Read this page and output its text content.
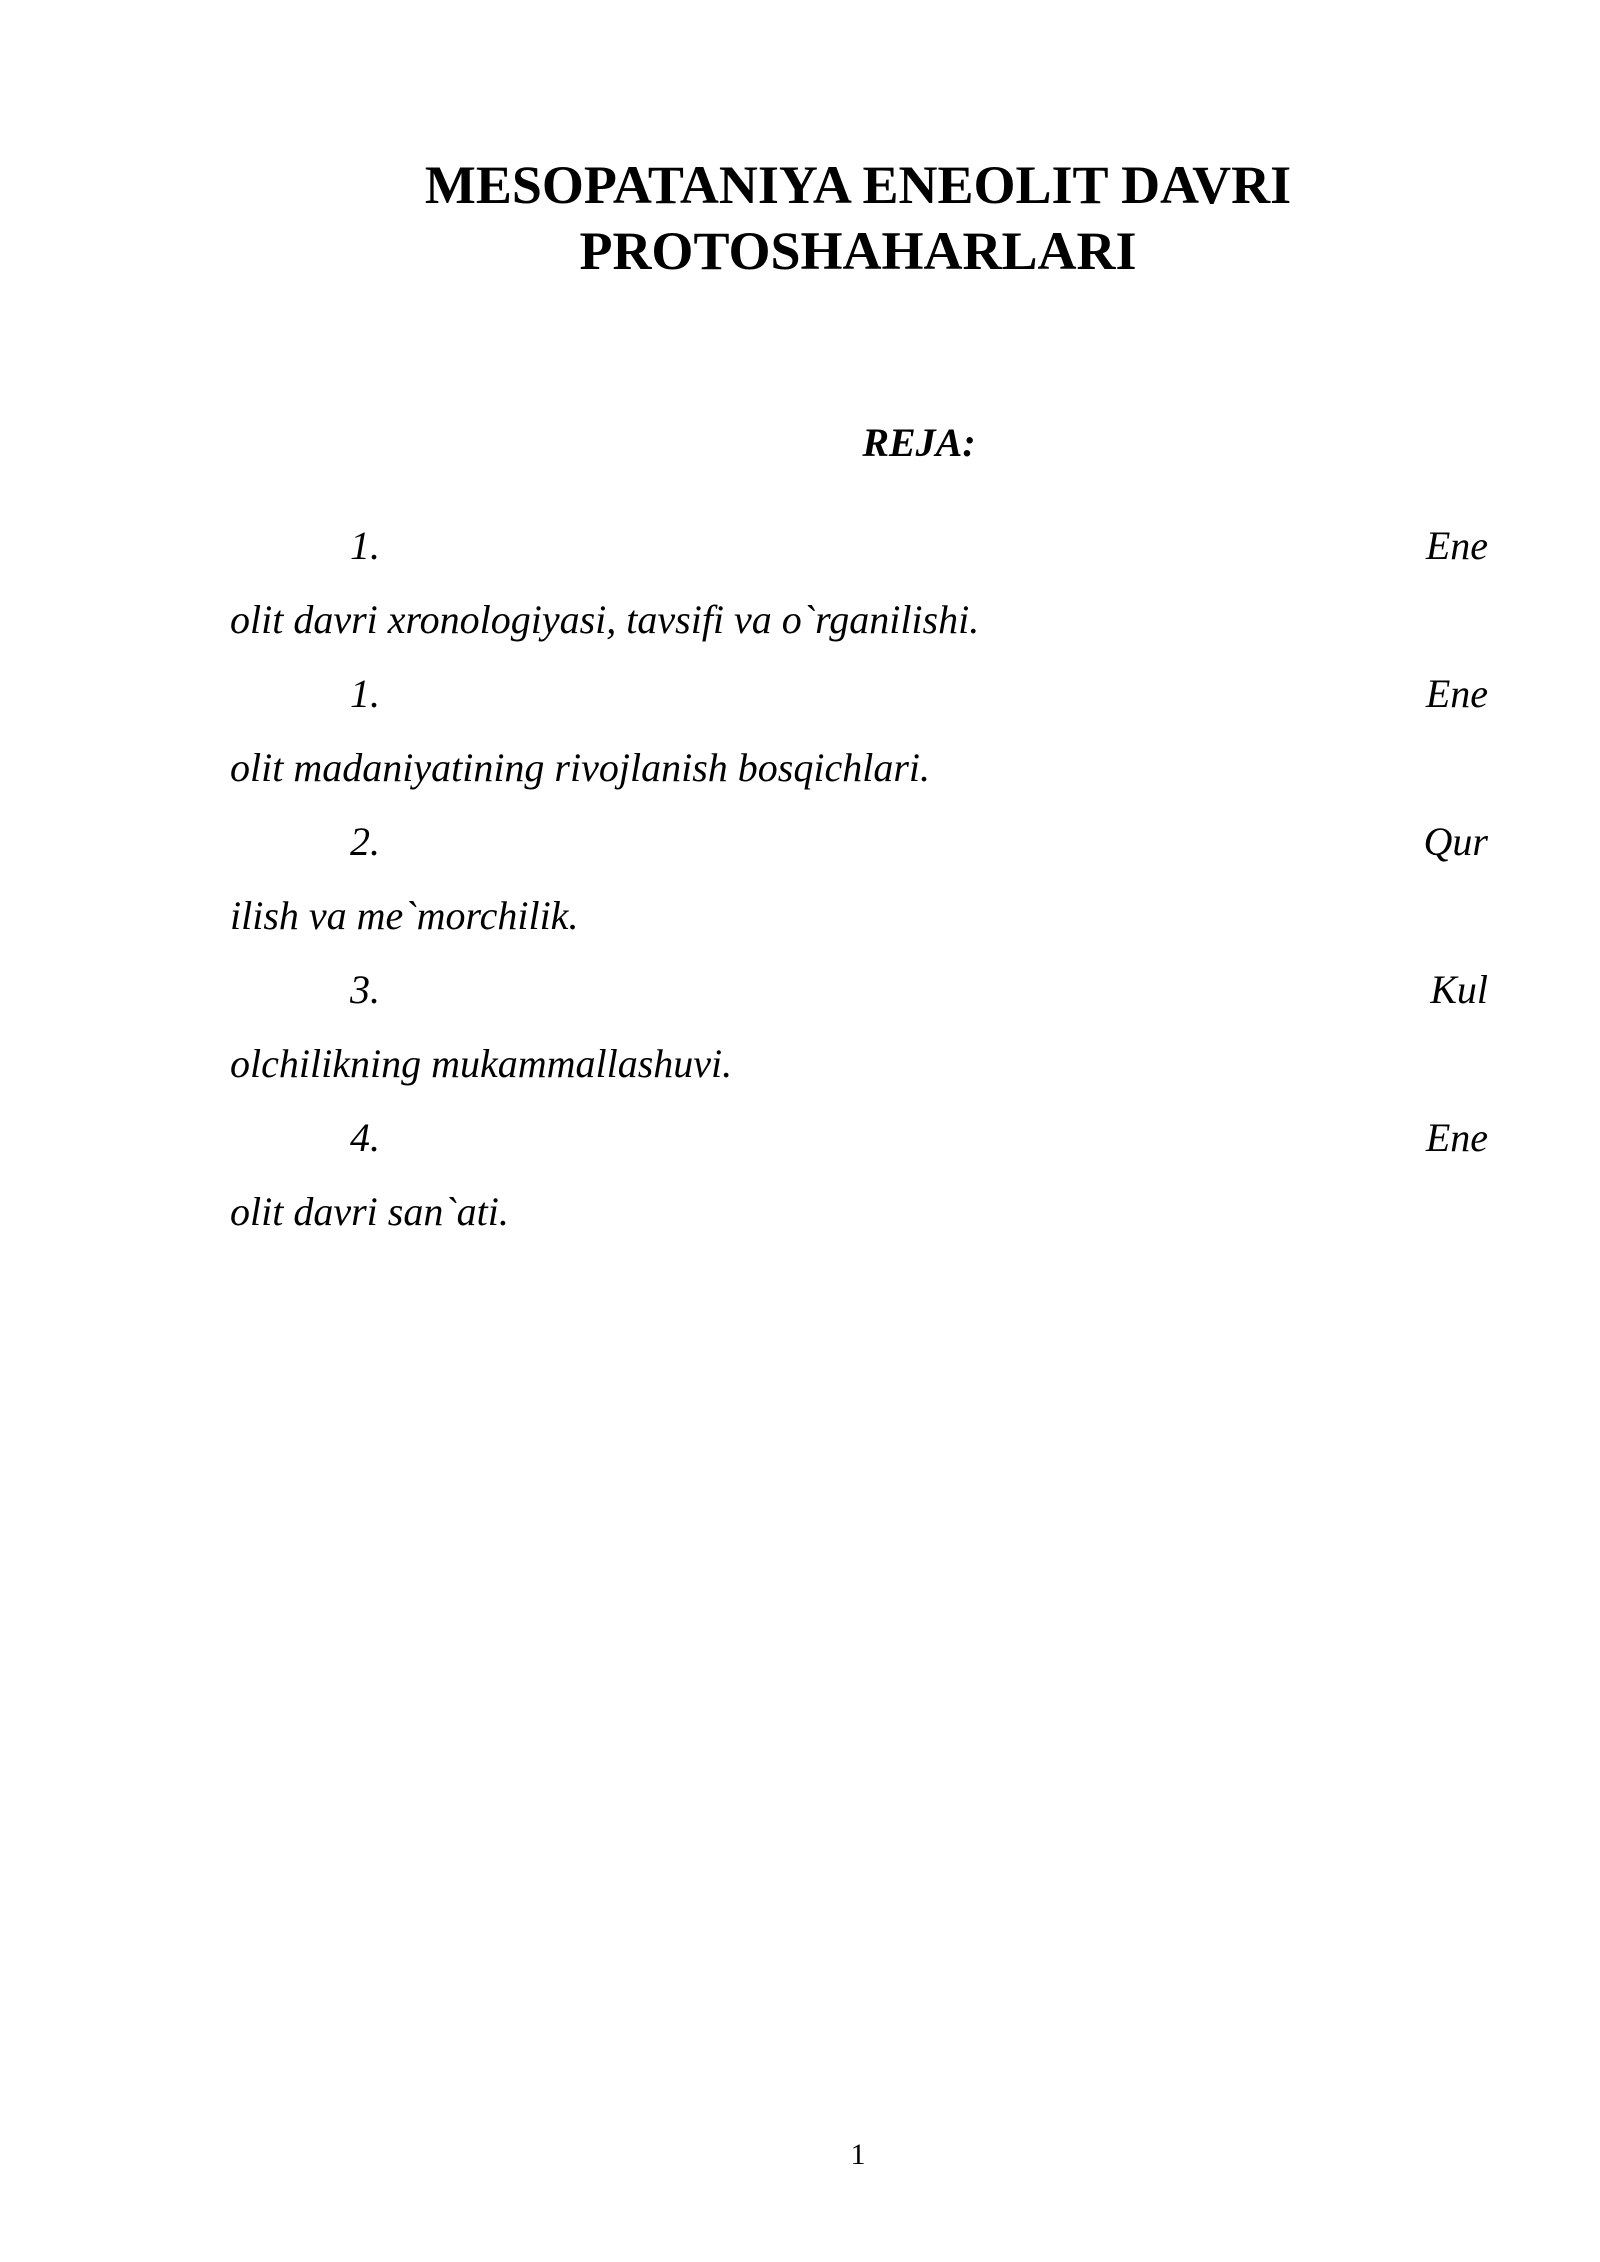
MESOPATANIYA ENEOLIT DAVRI
PROTOSHAHARLARI
REJA:
1.	Ene
olit davri xronologiyasi, tavsifi va o`rganilishi.
1.	Ene
olit madaniyatining rivojlanish bosqichlari.
2.	Qur
ilish va me`morchilik.
3.	Kul
olchilikning mukammallashuvi.
4.	Ene
olit davri san`ati.
1
